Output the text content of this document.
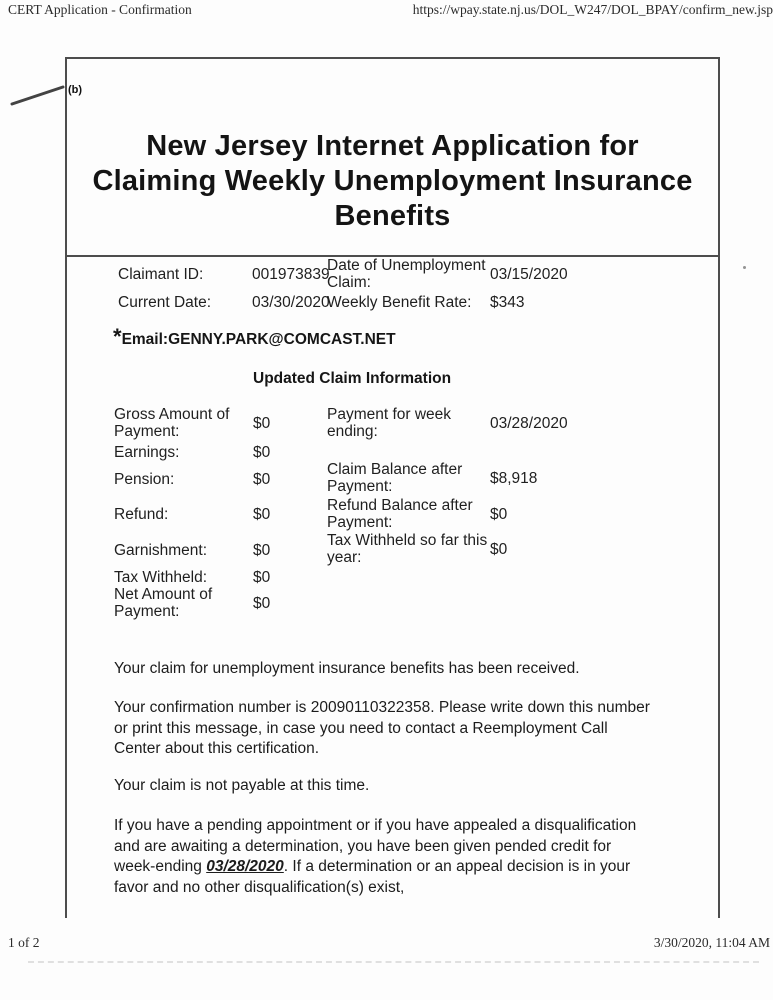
CERT Application - Confirmation	https://wpay.state.nj.us/DOL_W247/DOL_BPAY/confirm_new.jsp
(b)
New Jersey Internet Application for
Claiming Weekly Unemployment Insurance
Benefits
Claimant ID:	001973839
Date of Unemployment Claim:	03/15/2020
Current Date:	03/30/2020
Weekly Benefit Rate:	$343
* Email:GENNY.PARK@COMCAST.NET
Updated Claim Information
Gross Amount of Payment:	$0
Earnings:	$0
Pension:	$0
Refund:	$0
Garnishment:	$0
Tax Withheld:	$0
Net Amount of Payment:	$0
Payment for week ending:	03/28/2020
Claim Balance after Payment:	$8,918
Refund Balance after Payment:	$0
Tax Withheld so far this year:	$0
Your claim for unemployment insurance benefits has been received.
Your confirmation number is 20090110322358. Please write down this number or print this message, in case you need to contact a Reemployment Call Center about this certification.
Your claim is not payable at this time.
If you have a pending appointment or if you have appealed a disqualification and are awaiting a determination, you have been given pended credit for week-ending 03/28/2020. If a determination or an appeal decision is in your favor and no other disqualification(s) exist,
1 of 2	3/30/2020, 11:04 AM
